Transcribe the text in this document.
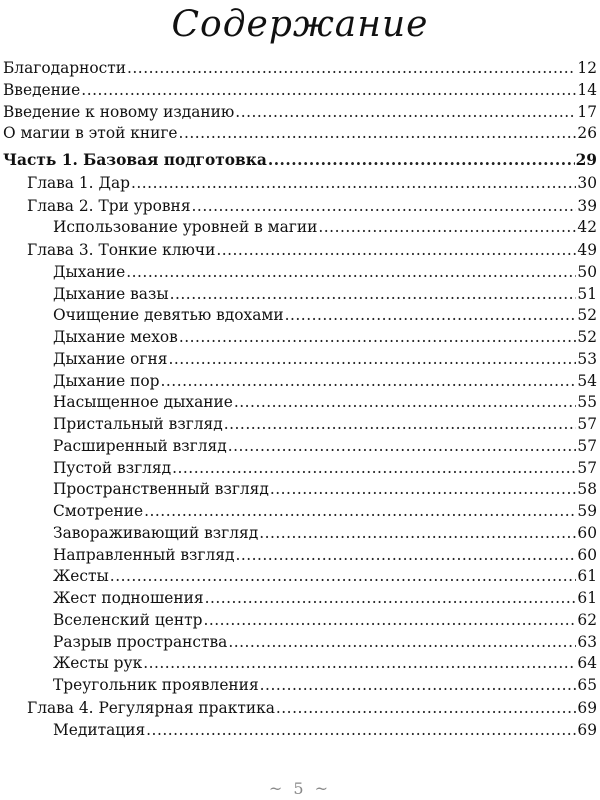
Содержание
Благодарности .....	12
Введение .....	14
Введение к новому изданию .....	17
О магии в этой книге .....	26
Часть 1. Базовая подготовка .....	29
Глава 1. Дар .....	30
Глава 2. Три уровня .....	39
Использование уровней в магии .....	42
Глава 3. Тонкие ключи .....	49
Дыхание .....	50
Дыхание вазы .....	51
Очищение девятью вдохами .....	52
Дыхание мехов .....	52
Дыхание огня .....	53
Дыхание пор .....	54
Насыщенное дыхание .....	55
Пристальный взгляд .....	57
Расширенный взгляд .....	57
Пустой взгляд .....	57
Пространственный взгляд .....	58
Смотрение .....	59
Завораживающий взгляд .....	60
Направленный взгляд .....	60
Жесты .....	61
Жест подношения .....	61
Вселенский центр .....	62
Разрыв пространства .....	63
Жесты рук .....	64
Треугольник проявления .....	65
Глава 4. Регулярная практика .....	69
Медитация .....	69
~ 5 ~
